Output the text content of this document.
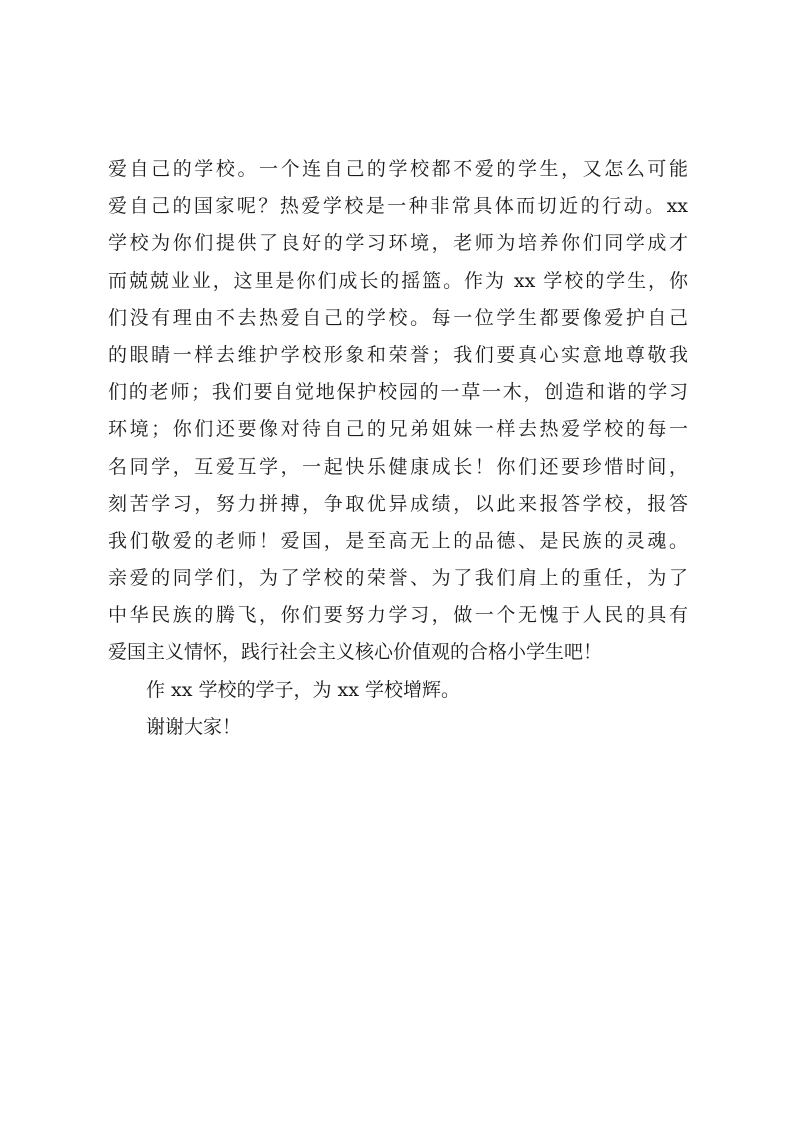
爱自己的学校。一个连自己的学校都不爱的学生，又怎么可能
爱自己的国家呢？热爱学校是一种非常具体而切近的行动。xx
学校为你们提供了良好的学习环境，老师为培养你们同学成才
而兢兢业业，这里是你们成长的摇篮。作为 xx 学校的学生，你
们没有理由不去热爱自己的学校。每一位学生都要像爱护自己
的眼睛一样去维护学校形象和荣誉；我们要真心实意地尊敬我
们的老师；我们要自觉地保护校园的一草一木，创造和谐的学习
环境；你们还要像对待自己的兄弟姐妹一样去热爱学校的每一
名同学，互爱互学，一起快乐健康成长！你们还要珍惜时间，
刻苦学习，努力拼搏，争取优异成绩，以此来报答学校，报答
我们敬爱的老师！爱国，是至高无上的品德、是民族的灵魂。
亲爱的同学们，为了学校的荣誉、为了我们肩上的重任，为了
中华民族的腾飞，你们要努力学习，做一个无愧于人民的具有
爱国主义情怀，践行社会主义核心价值观的合格小学生吧！
作 xx 学校的学子，为 xx 学校增辉。
谢谢大家！
